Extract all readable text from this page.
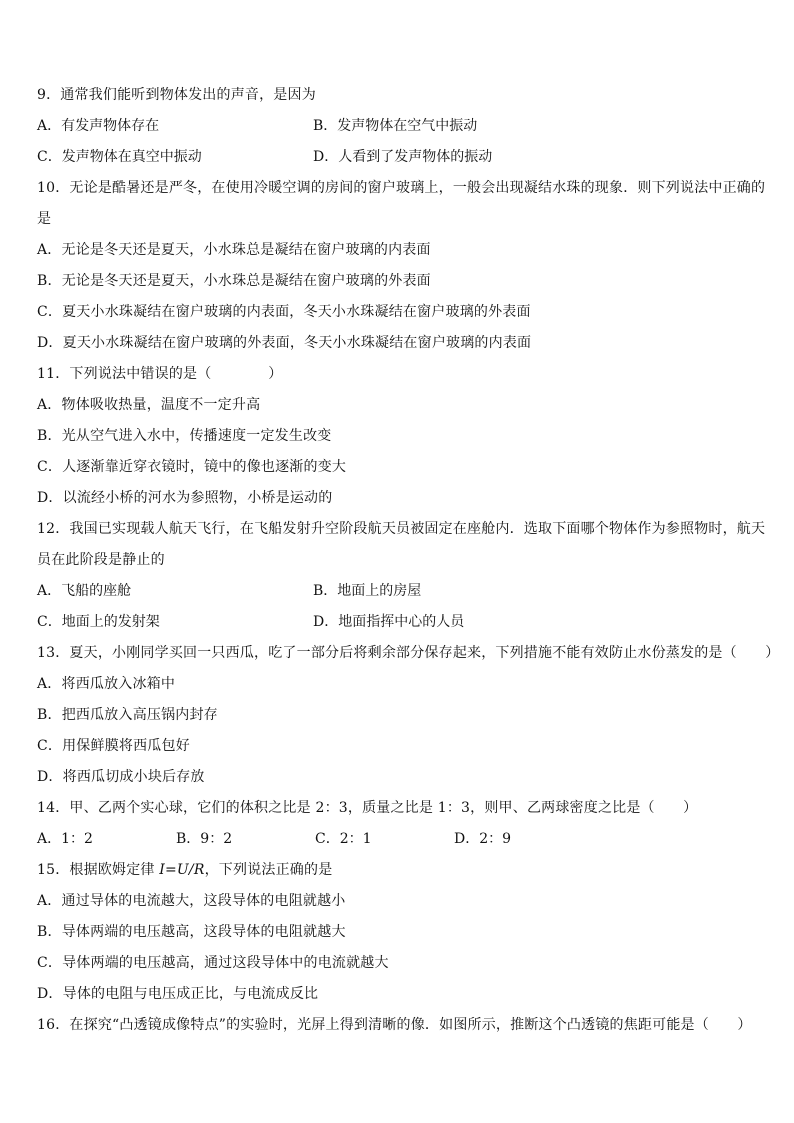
9．通常我们能听到物体发出的声音，是因为
A．有发声物体存在	B．发声物体在空气中振动
C．发声物体在真空中振动	D．人看到了发声物体的振动
10．无论是酷暑还是严冬，在使用冷暖空调的房间的窗户玻璃上，一般会出现凝结水珠的现象．则下列说法中正确的
是
A．无论是冬天还是夏天，小水珠总是凝结在窗户玻璃的内表面
B．无论是冬天还是夏天，小水珠总是凝结在窗户玻璃的外表面
C．夏天小水珠凝结在窗户玻璃的内表面，冬天小水珠凝结在窗户玻璃的外表面
D．夏天小水珠凝结在窗户玻璃的外表面，冬天小水珠凝结在窗户玻璃的内表面
11．下列说法中错误的是（　　　　）
A．物体吸收热量，温度不一定升高
B．光从空气进入水中，传播速度一定发生改变
C．人逐渐靠近穿衣镜时，镜中的像也逐渐的变大
D．以流经小桥的河水为参照物，小桥是运动的
12．我国已实现载人航天飞行，在飞船发射升空阶段航天员被固定在座舱内．选取下面哪个物体作为参照物时，航天
员在此阶段是静止的
A．飞船的座舱	B．地面上的房屋
C．地面上的发射架	D．地面指挥中心的人员
13．夏天，小刚同学买回一只西瓜，吃了一部分后将剩余部分保存起来，下列措施不能有效防止水份蒸发的是（　　）
A．将西瓜放入冰箱中
B．把西瓜放入高压锅内封存
C．用保鲜膜将西瓜包好
D．将西瓜切成小块后存放
14．甲、乙两个实心球，它们的体积之比是 2：3，质量之比是 1：3，则甲、乙两球密度之比是（　　）
A．1：2	B．9：2	C．2：1	D．2：9
15．根据欧姆定律 I=U/R，下列说法正确的是
A．通过导体的电流越大，这段导体的电阻就越小
B．导体两端的电压越高，这段导体的电阻就越大
C．导体两端的电压越高，通过这段导体中的电流就越大
D．导体的电阻与电压成正比，与电流成反比
16．在探究“凸透镜成像特点”的实验时，光屏上得到清晰的像．如图所示，推断这个凸透镜的焦距可能是（　　）
